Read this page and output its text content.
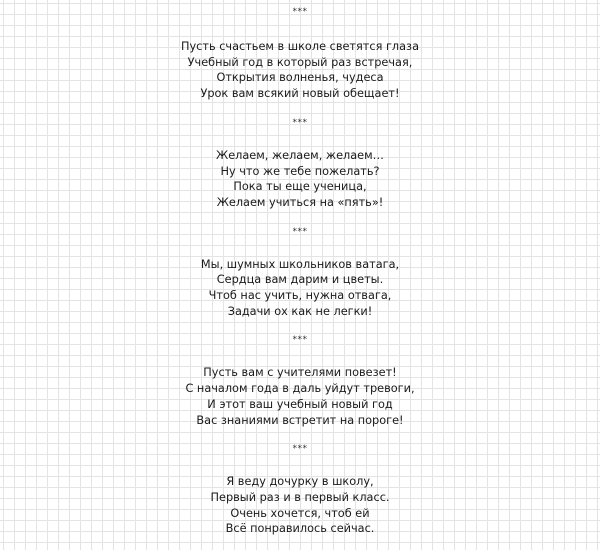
***
Пусть счастьем в школе светятся глаза
Учебный год в который раз встречая,
Открытия волненья, чудеса
Урок вам всякий новый обещает!
***
Желаем, желаем, желаем…
Ну что же тебе пожелать?
Пока ты еще ученица,
Желаем учиться на «пять»!
***
Мы, шумных школьников ватага,
Сердца вам дарим и цветы.
Чтоб нас учить, нужна отвага,
Задачи ох как не легки!
***
Пусть вам с учителями повезет!
С началом года в даль уйдут тревоги,
И этот ваш учебный новый год
Вас знаниями встретит на пороге!
***
Я веду дочурку в школу,
Первый раз и в первый класс.
Очень хочется, чтоб ей
Всё понравилось сейчас.
